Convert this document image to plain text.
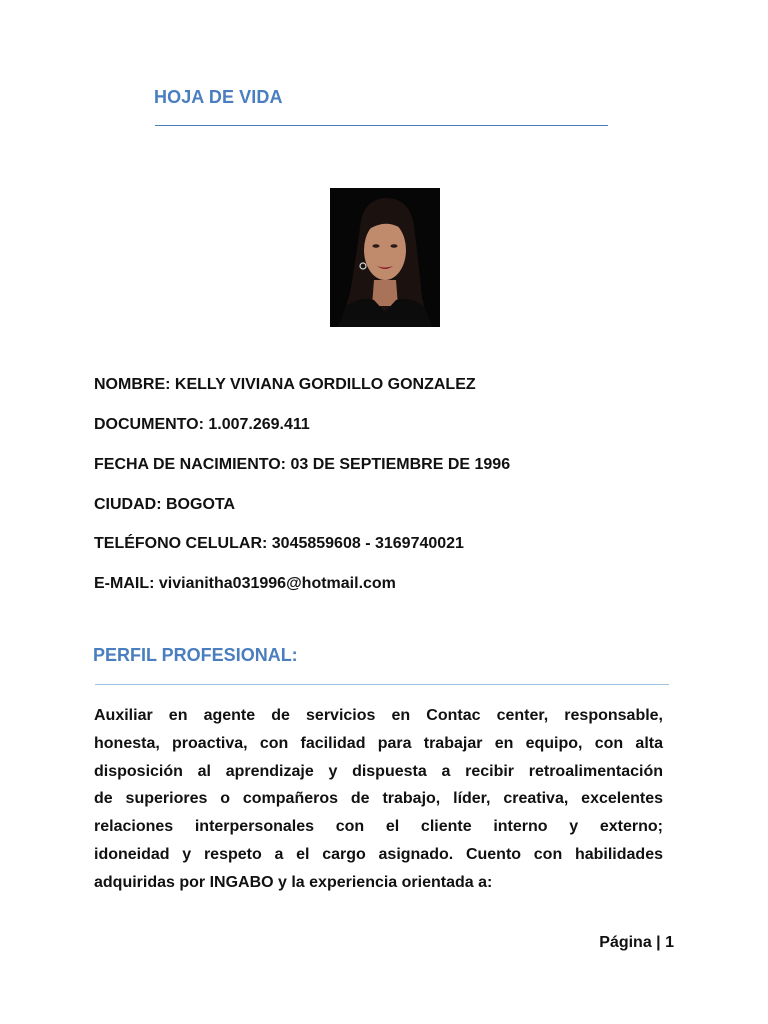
HOJA DE VIDA
NOMBRE: KELLY VIVIANA GORDILLO GONZALEZ
DOCUMENTO: 1.007.269.411
FECHA DE NACIMIENTO: 03 DE SEPTIEMBRE DE 1996
CIUDAD: BOGOTA
TELÉFONO CELULAR: 3045859608 - 3169740021
E-MAIL: vivianitha031996@hotmail.com
PERFIL PROFESIONAL:
Auxiliar en agente de servicios en Contac center, responsable,
honesta, proactiva, con facilidad para trabajar en equipo, con alta
disposición al aprendizaje y dispuesta a recibir retroalimentación
de superiores o compañeros de trabajo, líder, creativa, excelentes
relaciones interpersonales con el cliente interno y externo;
idoneidad y respeto a el cargo asignado. Cuento con habilidades
adquiridas por INGABO y la experiencia orientada a:
Página | 1
